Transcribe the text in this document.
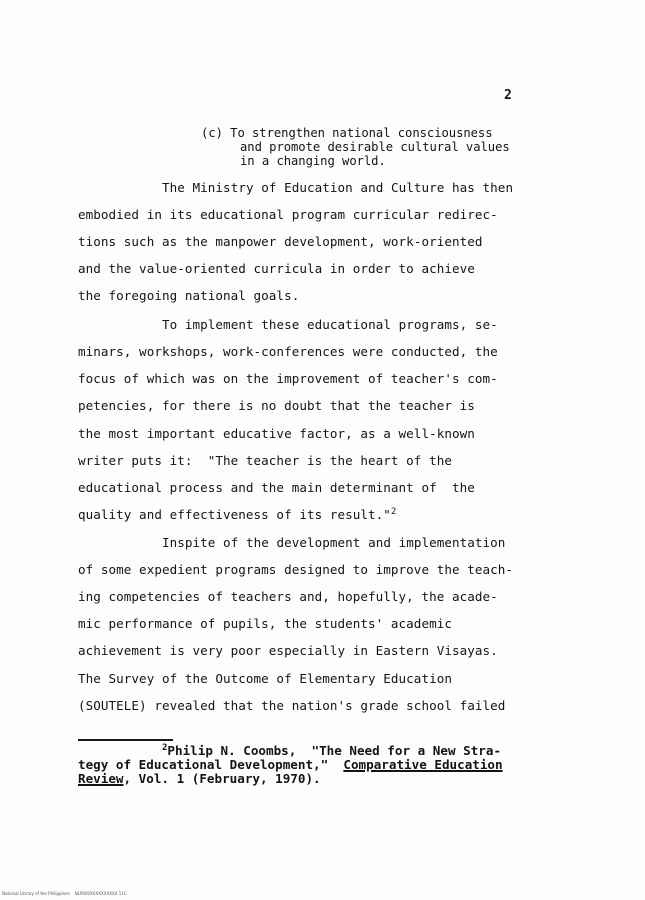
2
(c) To strengthen national consciousness
and promote desirable cultural values
in a changing world.
The Ministry of Education and Culture has then
embodied in its educational program curricular redirec-
tions such as the manpower development, work-oriented
and the value-oriented curricula in order to achieve
the foregoing national goals.
To implement these educational programs, se-
minars, workshops, work-conferences were conducted, the
focus of which was on the improvement of teacher's com-
petencies, for there is no doubt that the teacher is
the most important educative factor, as a well-known
writer puts it:  "The teacher is the heart of the
educational process and the main determinant of  the
quality and effectiveness of its result."$^2$
Inspite of the development and implementation
of some expedient programs designed to improve the teach-
ing competencies of teachers and, hopefully, the acade-
mic performance of pupils, the students' academic
achievement is very poor especially in Eastern Visayas.
The Survey of the Outcome of Elementary Education
(SOUTELE) revealed that the nation's grade school failed
$^2$Philip N. Coombs,  "The Need for a New Stra-
tegy of Educational Development,"  Comparative Education
Review, Vol. 1 (February, 1970).
National Library of the Philippines    NLP000XXXXXXXXXX 11C
